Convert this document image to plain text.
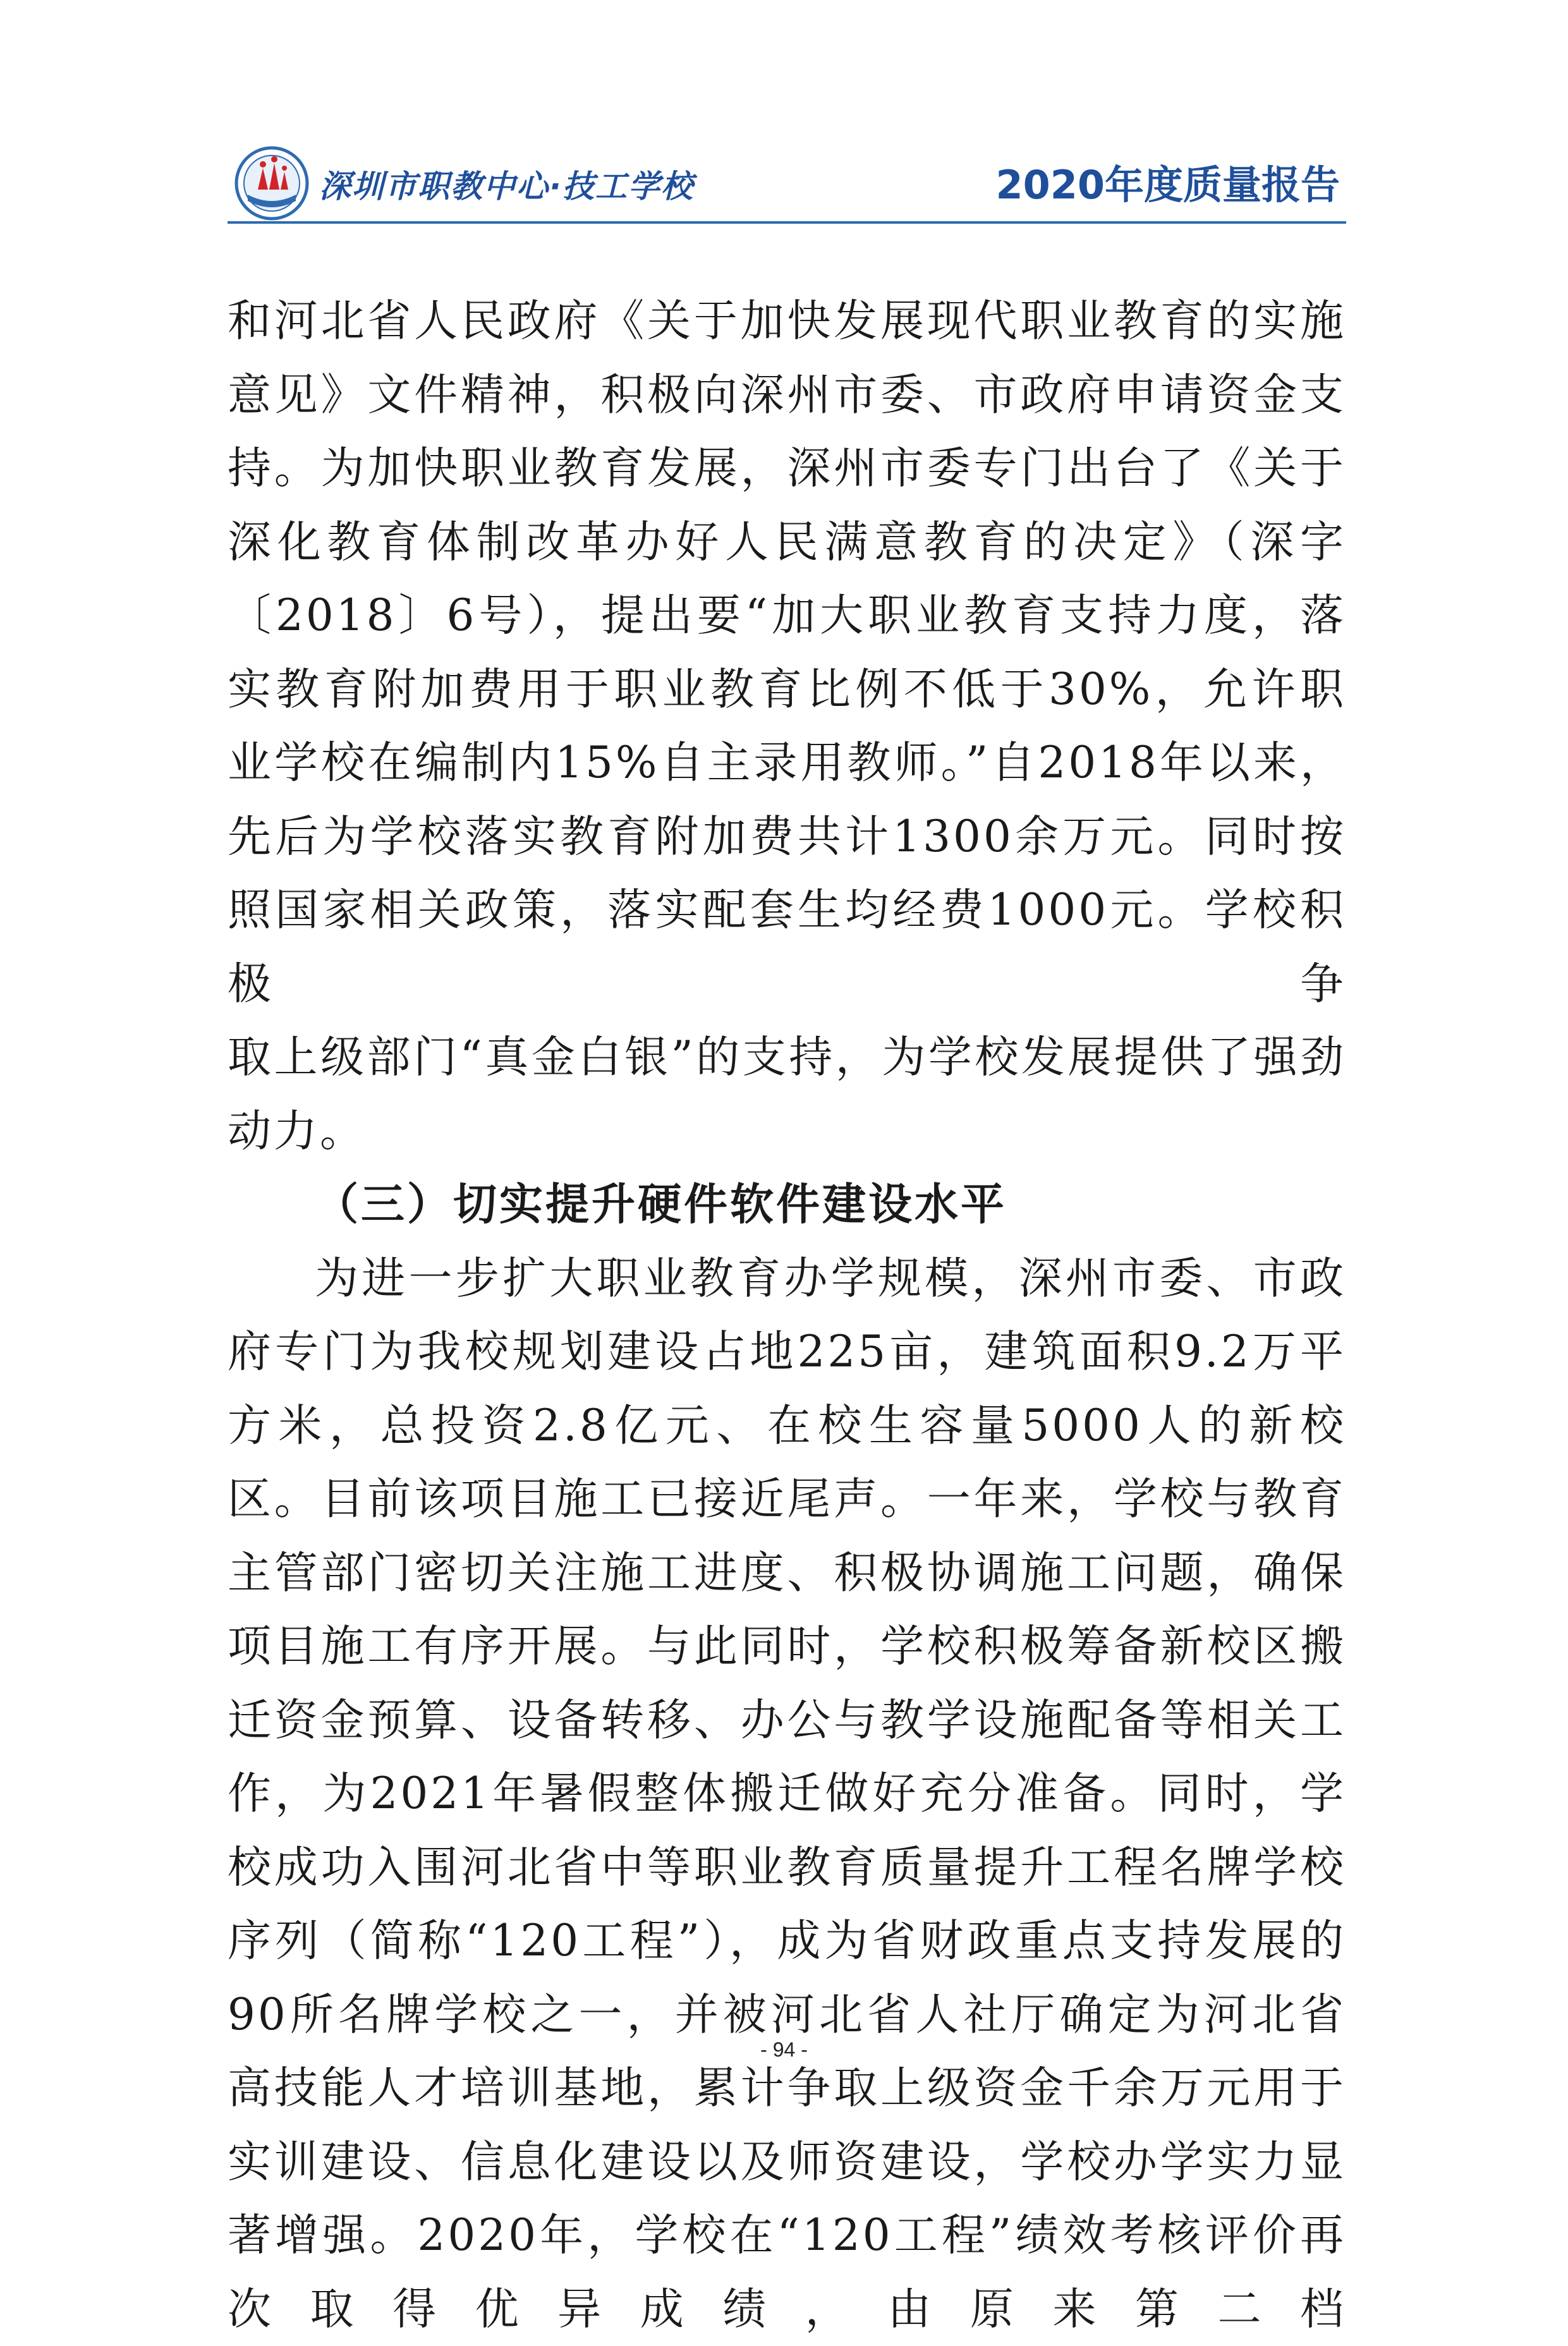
深圳市职教中心·技工学校	2020年度质量报告

和河北省人民政府《关于加快发展现代职业教育的实施意见》文件精神，积极向深州市委、市政府申请资金支持。为加快职业教育发展，深州市委专门出台了《关于深化教育体制改革办好人民满意教育的决定》（深字〔2018〕6号），提出要“加大职业教育支持力度，落实教育附加费用于职业教育比例不低于30%，允许职业学校在编制内15%自主录用教师。”自2018年以来，先后为学校落实教育附加费共计1300余万元。同时按照国家相关政策，落实配套生均经费1000元。学校积极争
取上级部门“真金白银”的支持，为学校发展提供了强劲动力。

（三）切实提升硬件软件建设水平

为进一步扩大职业教育办学规模，深州市委、市政府专门为我校规划建设占地225亩，建筑面积9.2万平方米，总投资2.8亿元、在校生容量5000人的新校区。目前该项目施工已接近尾声。一年来，学校与教育主管部门密切关注施工进度、积极协调施工问题，确保项目施工有序开展。与此同时，学校积极筹备新校区搬迁资金预算、设备转移、办公与教学设施配备等相关工作，为2021年暑假整体搬迁做好充分准备。同时，学校成功入围河北省中等职业教育质量提升工程名牌学校序列（简称“120工程”），成为省财政重点支持发展的90所名牌学校之一，并被河北省人社厅确定为河北省高技能人才培训基地，累计争取上级资金千余万元用于实训建设、信息化建设以及师资建设，学校办学实力显著增强。2020年，学校在“120工程”绩效考核评价再次取得优异成绩，由原来第二档

- 94 -
